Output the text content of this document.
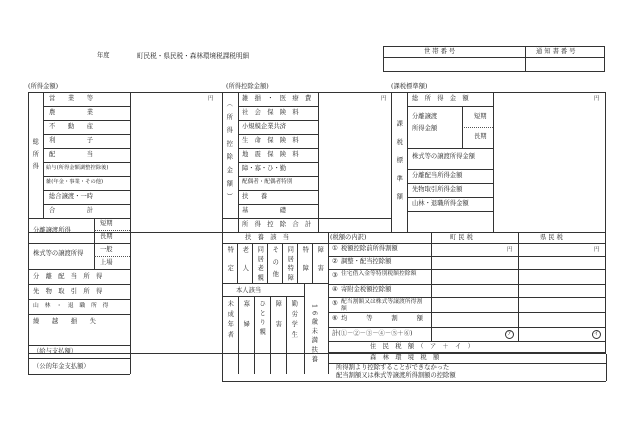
年度	町民税・県民税・森林環境税課税明細
世 帯 番 号	通 知 書 番 号
(所得金額)	(所得控除金額)	(課税標準額)
総所得
営　　業　　等
農　　　　　業
不　　動　　産
利　　　　　子
配　　　　　当
給与(所得金額調整控除後)
雑(年金・事業・その他)
総合譲渡・一時
合　　　　　計
円
分離譲渡所得
短期
長期
株式等の譲渡所得
一般
上場
分　離　配　当　所　得
先　物　取　引　所　得
山　林　・　退　職　所　得
繰　　越　　損　　失
（給与支払額）
（公的年金支払額）
（所得控除金額）
雑　損　・　医　療　費
社　会　保　険　料
小規模企業共済
生　命　保　険　料
地　震　保　険　料
障・寡・ひ・勤
配偶者・配偶者特別
扶　　養
基　　　　　礎
所　得　控　除　合　計
円
扶　養　該　当
特定 老人 同居老親 その他 同居特障 特障 障害
本人該当
未成年者 寡婦 ひとり親 障害 勤労学生 16歳未満扶養
課税標準額
総　所　得　金　額
分離譲渡	短期
所得金額
長期
株式等の譲渡所得金額
分離配当所得金額
先物取引所得金額
山林・退職所得金額
円
(税額の内訳)	町 民 税	県 民 税
① 税額控除前所得割額
② 調整・配当控除額
③ 住宅借入金等特別税額控除額
④ 寄附金税額控除額
⑤ 配当割額又は株式等譲渡所得割額
⑥ 均　　　等　　　割　　　額
計(①－②－③－④－⑤＋⑥)
円	円
ア	イ
住　民　税　額　（　ア　＋　イ　）
森　林　環　境　税　額
所得割より控除することができなかった
配当割額又は株式等譲渡所得割額の控除額
